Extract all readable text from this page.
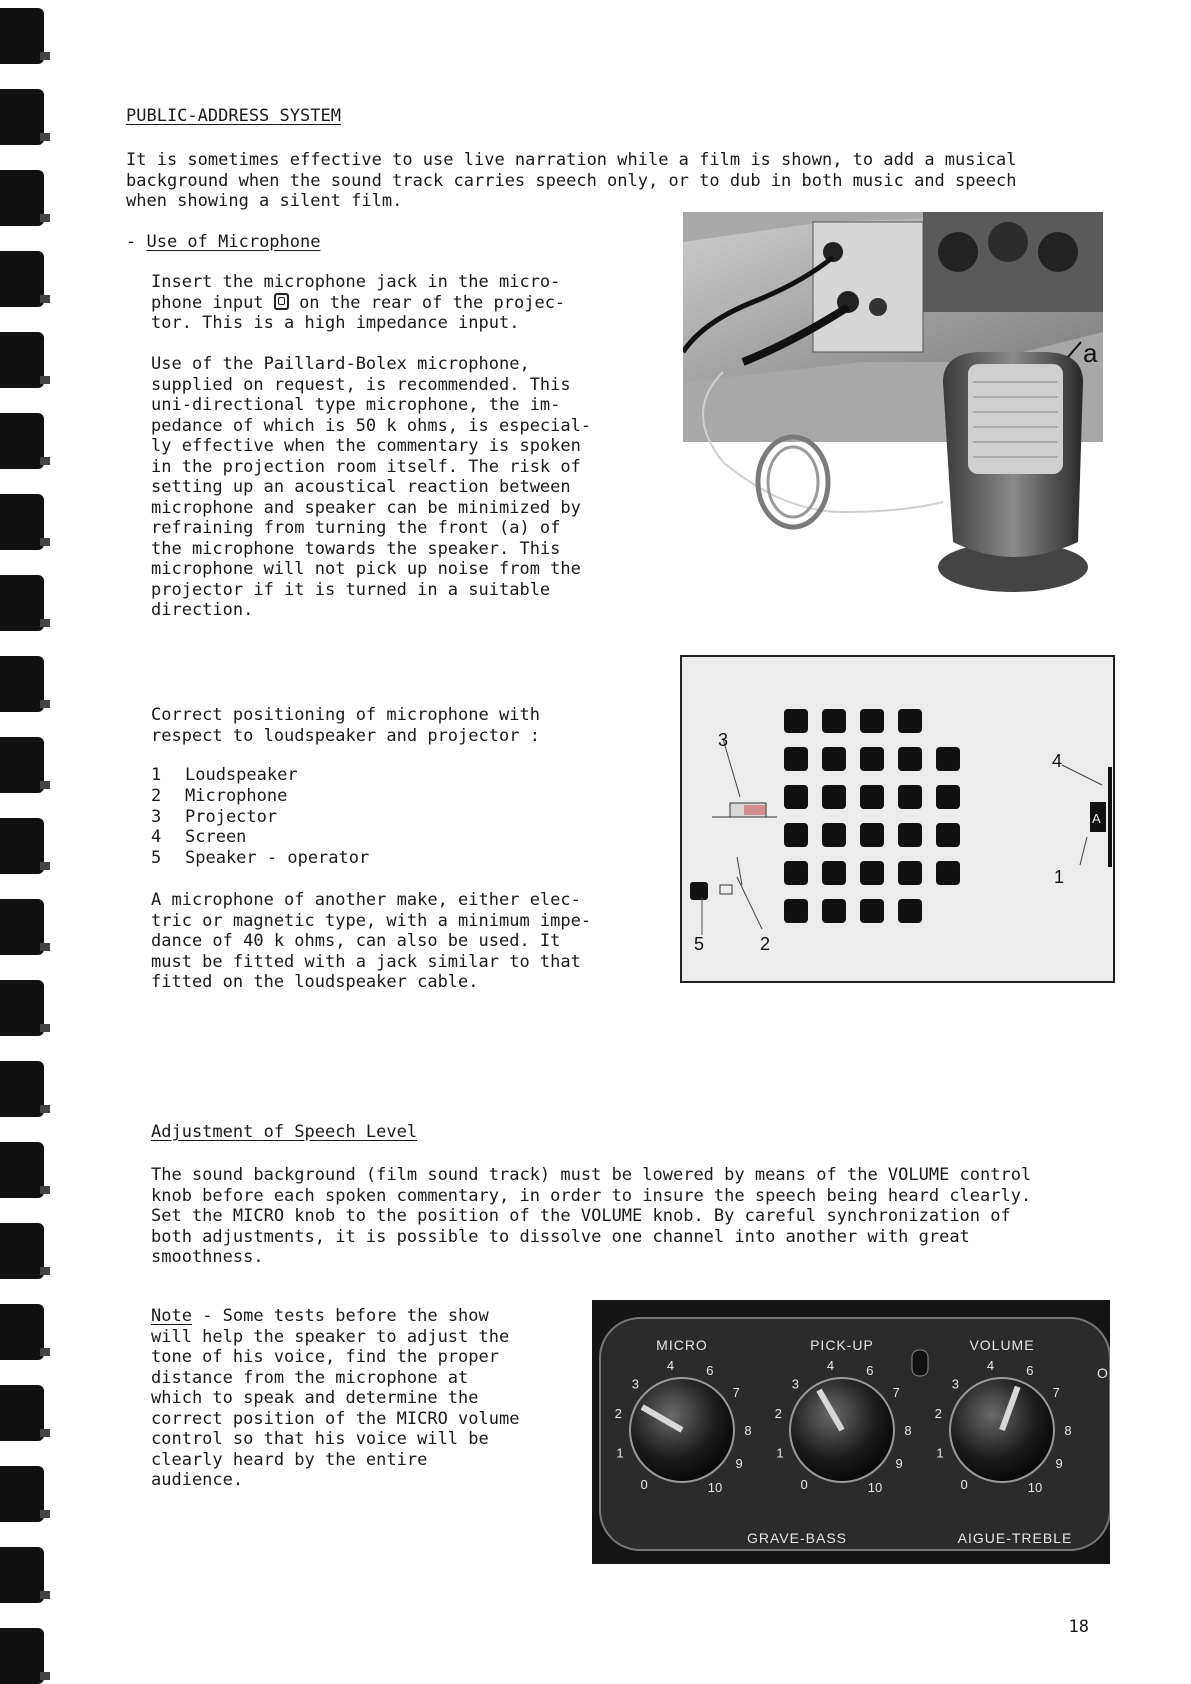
PUBLIC-ADDRESS SYSTEM

It is sometimes effective to use live narration while a film is shown, to add a musical
background when the sound track carries speech only, or to dub in both music and speech
when showing a silent film.

- Use of Microphone

Insert the microphone jack in the micro-
phone input
on the rear of the projec-
tor. This is a high impedance input.

Use of the Paillard-Bolex microphone,
supplied on request, is recommended. This
uni-directional type microphone, the im-
pedance of which is 50 k ohms, is especial-
ly effective when the commentary is spoken
in the projection room itself. The risk of
setting up an acoustical reaction between
microphone and speaker can be minimized by
refraining from turning the front (a) of
the microphone towards the speaker. This
microphone will not pick up noise from the
projector if it is turned in a suitable
direction.

a

Correct positioning of microphone with
respect to loudspeaker and projector :

1 Loudspeaker
2 Microphone
3 Projector
4 Screen
5 Speaker - operator

A microphone of another make, either elec-
tric or magnetic type, with a minimum impe-
dance of 40 k ohms, can also be used. It
must be fitted with a jack similar to that
fitted on the loudspeaker cable.

A
3
4
1
5	2

Adjustment of Speech Level

The sound background (film sound track) must be lowered by means of the VOLUME control
knob before each spoken commentary, in order to insure the speech being heard clearly.
Set the MICRO knob to the position of the VOLUME knob. By careful synchronization of
both adjustments, it is possible to dissolve one channel into another with great
smoothness.

Note - Some tests before the show
will help the speaker to adjust the
tone of his voice, find the proper
distance from the microphone at
which to speak and determine the
correct position of the MICRO volume
control so that his voice will be
clearly heard by the entire
audience.

O
MICRO
0
1
2
3
4 6
7
8
9
10
PICK-UP
0
1
2
3
4 6
7
8
9
10
VOLUME
0
1
2
3
4 6
7
8
9
10
GRAVE-BASS	AIGUE-TREBLE
18
